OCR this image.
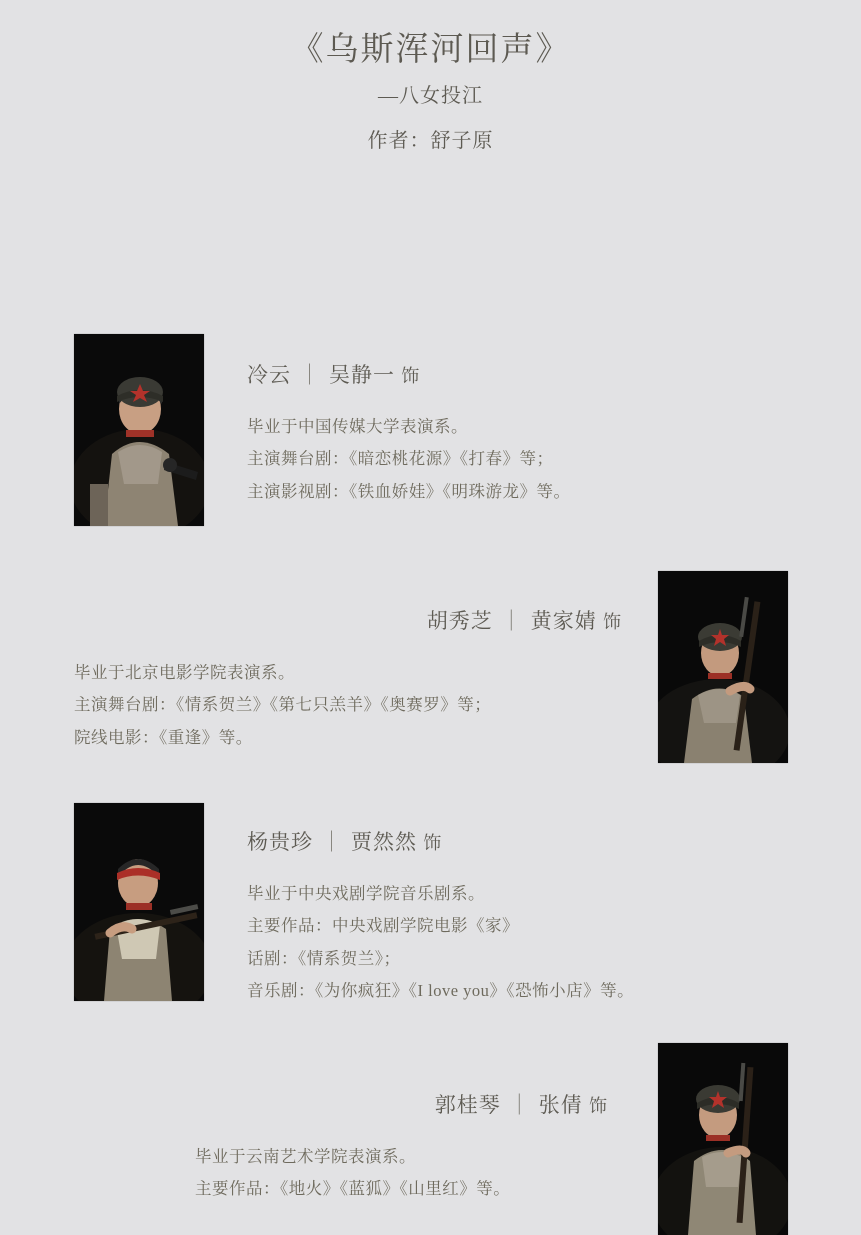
《乌斯浑河回声》
—八女投江
作者：舒子原
冷云 ｜ 吴静一 饰
毕业于中国传媒大学表演系。
主演舞台剧：《暗恋桃花源》《打春》等；
主演影视剧：《铁血娇娃》《明珠游龙》等。
胡秀芝 ｜ 黄家婧 饰
毕业于北京电影学院表演系。
主演舞台剧：《情系贺兰》《第七只羔羊》《奥赛罗》等；
院线电影：《重逢》等。
杨贵珍 ｜ 贾然然 饰
毕业于中央戏剧学院音乐剧系。
主要作品：中央戏剧学院电影《家》
话剧：《情系贺兰》；
音乐剧：《为你疯狂》《I love you》《恐怖小店》等。
郭桂琴 ｜ 张倩 饰
毕业于云南艺术学院表演系。
主要作品：《地火》《蓝狐》《山里红》等。
